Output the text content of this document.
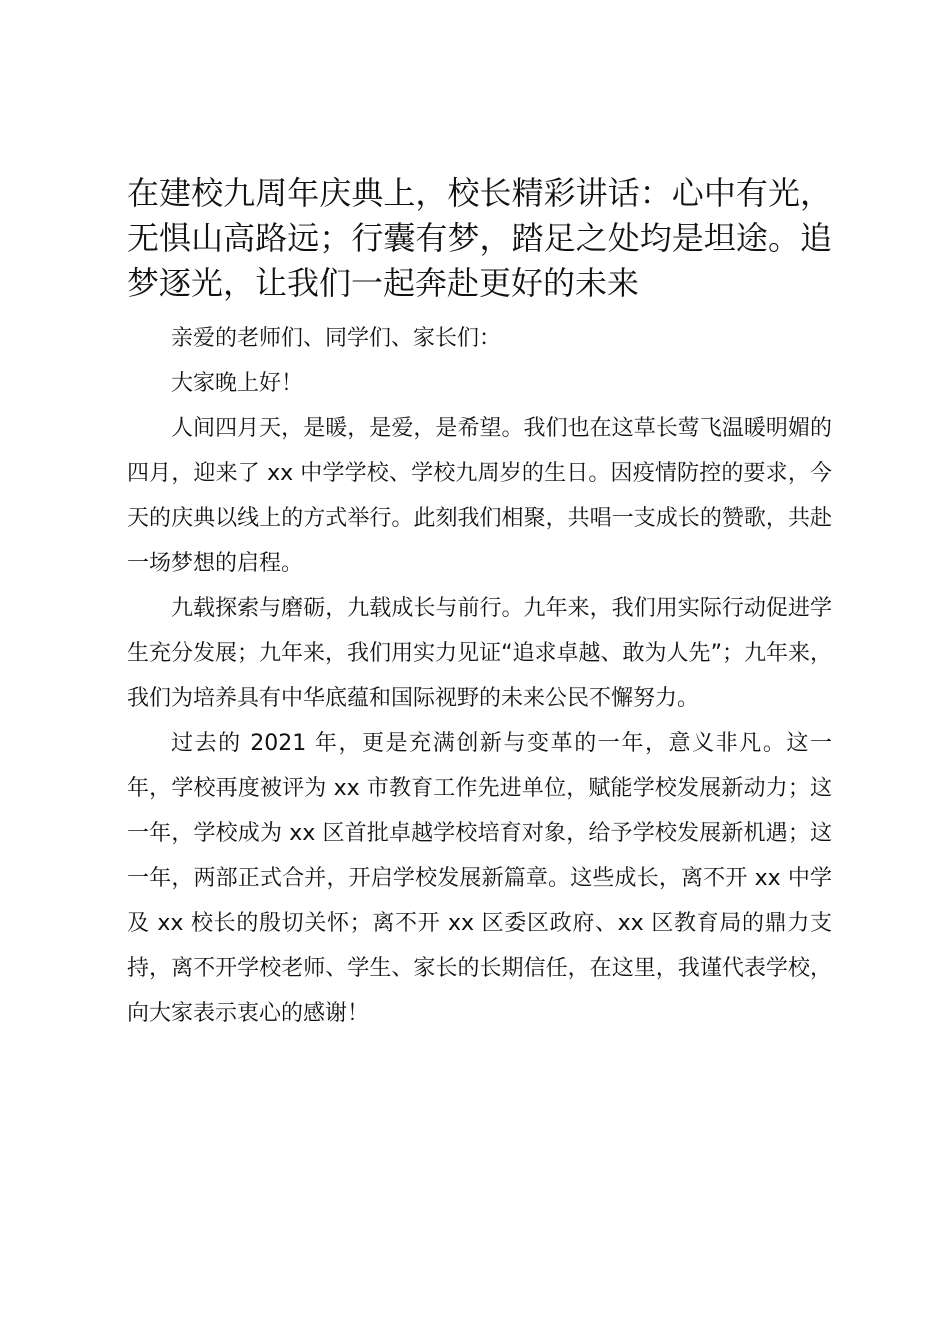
在建校九周年庆典上，校长精彩讲话：心中有光，无惧山高路远；行囊有梦，踏足之处均是坦途。追梦逐光，让我们一起奔赴更好的未来

亲爱的老师们、同学们、家长们：

大家晚上好！

人间四月天，是暖，是爱，是希望。我们也在这草长莺飞温暖明媚的四月，迎来了 xx 中学学校、学校九周岁的生日。因疫情防控的要求，今天的庆典以线上的方式举行。此刻我们相聚，共唱一支成长的赞歌，共赴一场梦想的启程。

九载探索与磨砺，九载成长与前行。九年来，我们用实际行动促进学生充分发展；九年来，我们用实力见证“追求卓越、敢为人先”；九年来，我们为培养具有中华底蕴和国际视野的未来公民不懈努力。

过去的 2021 年，更是充满创新与变革的一年，意义非凡。这一年，学校再度被评为 xx 市教育工作先进单位，赋能学校发展新动力；这一年，学校成为 xx 区首批卓越学校培育对象，给予学校发展新机遇；这一年，两部正式合并，开启学校发展新篇章。这些成长，离不开 xx 中学及 xx 校长的殷切关怀；离不开 xx 区委区政府、xx 区教育局的鼎力支持，离不开学校老师、学生、家长的长期信任，在这里，我谨代表学校，向大家表示衷心的感谢！
